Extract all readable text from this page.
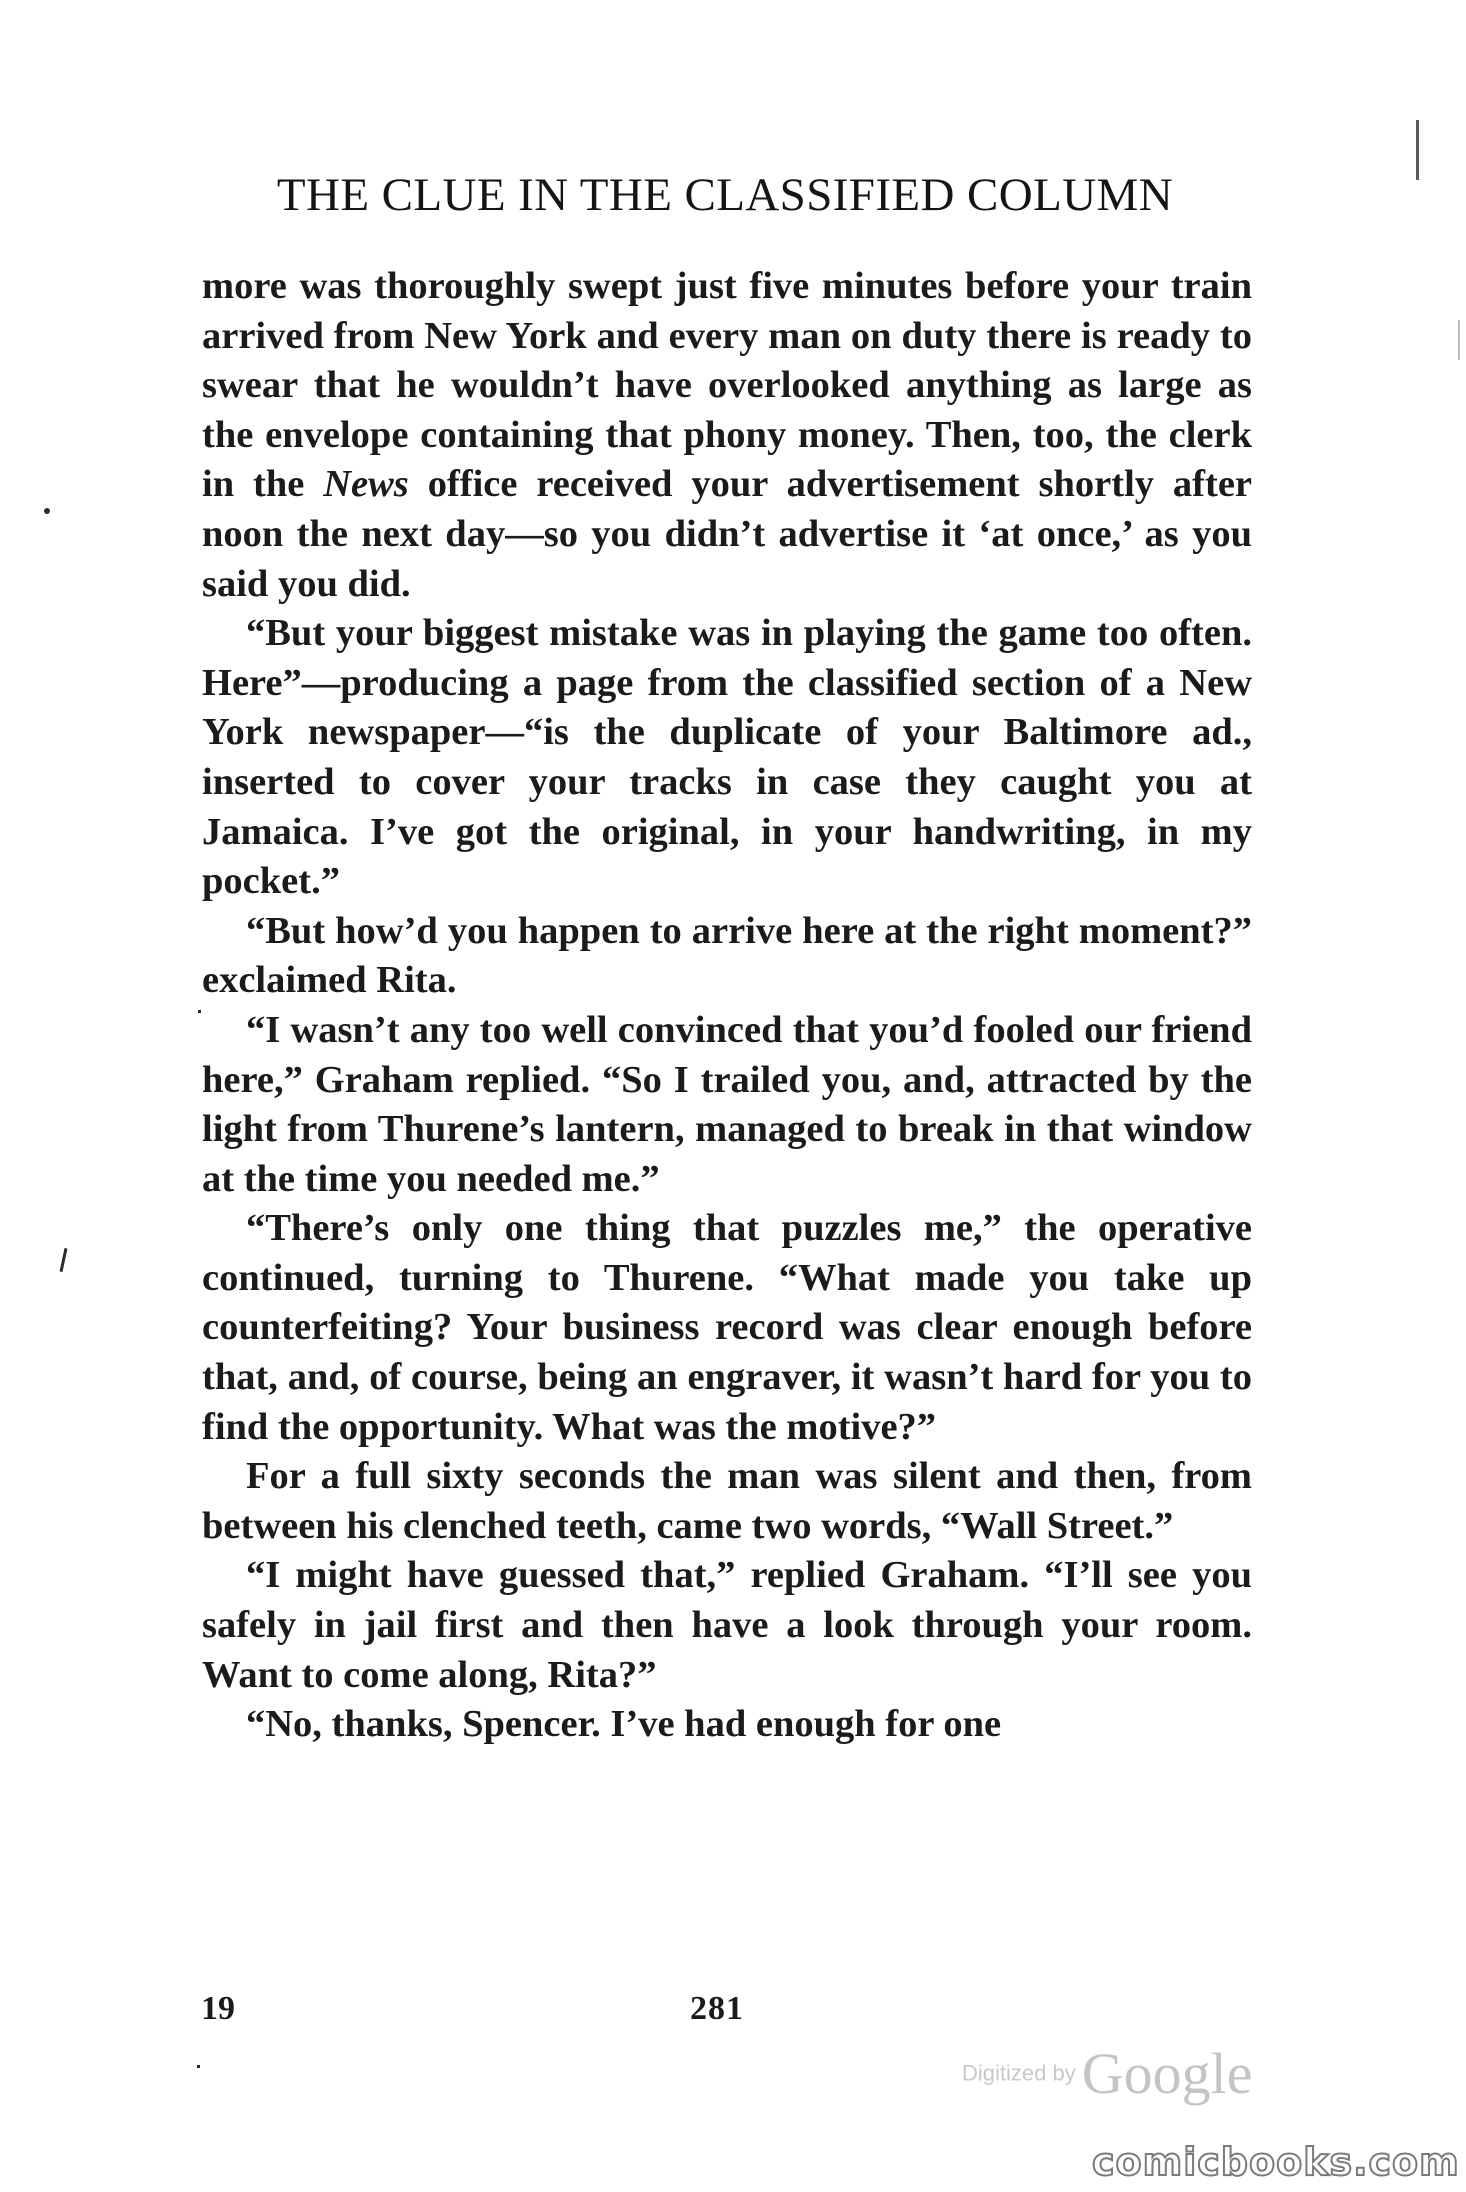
THE CLUE IN THE CLASSIFIED COLUMN

more was thoroughly swept just five minutes before your train arrived from New York and every man on duty there is ready to swear that he wouldn’t have overlooked anything as large as the envelope containing that phony money. Then, too, the clerk in the News office received your advertisement shortly after noon the next day—so you didn’t advertise it ‘at once,’ as you said you did.

“But your biggest mistake was in playing the game too often. Here”—producing a page from the classified section of a New York newspaper—“is the duplicate of your Baltimore ad., inserted to cover your tracks in case they caught you at Jamaica. I’ve got the original, in your handwriting, in my pocket.”

“But how’d you happen to arrive here at the right moment?” exclaimed Rita.

“I wasn’t any too well convinced that you’d fooled our friend here,” Graham replied. “So I trailed you, and, attracted by the light from Thurene’s lantern, managed to break in that window at the time you needed me.”

“There’s only one thing that puzzles me,” the operative continued, turning to Thurene. “What made you take up counterfeiting? Your business record was clear enough before that, and, of course, being an engraver, it wasn’t hard for you to find the opportunity. What was the motive?”

For a full sixty seconds the man was silent and then, from between his clenched teeth, came two words, “Wall Street.”

“I might have guessed that,” replied Graham. “I’ll see you safely in jail first and then have a look through your room. Want to come along, Rita?”

“No, thanks, Spencer. I’ve had enough for one

19	281
Digitized by Google
comicbooks.com
